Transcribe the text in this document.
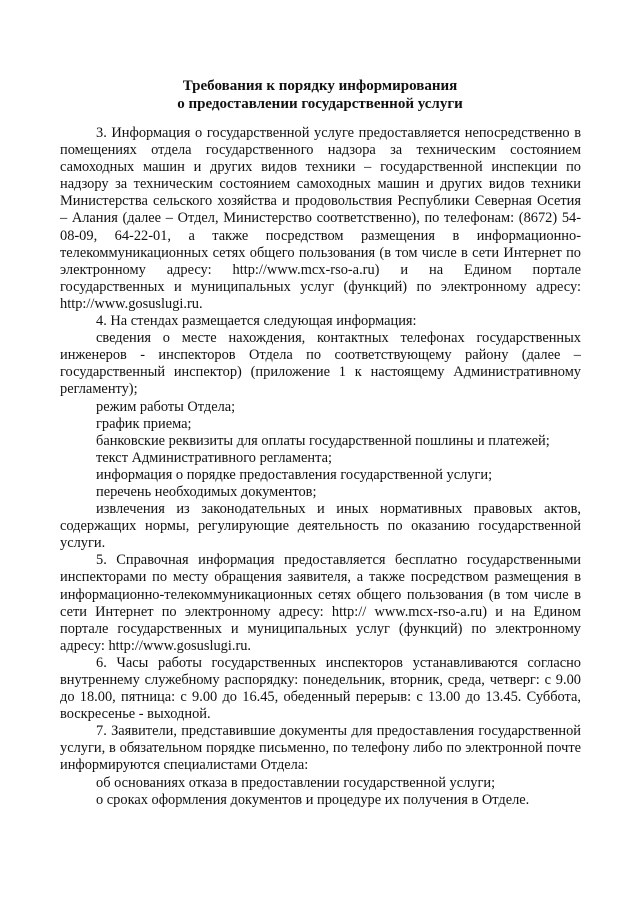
Требования к порядку информирования
о предоставлении государственной услуги

3. Информация о государственной услуге предоставляется непосредственно в помещениях отдела государственного надзора за техническим состоянием самоходных машин и других видов техники – государственной инспекции по надзору за техническим состоянием самоходных машин и других видов техники Министерства сельского хозяйства и продовольствия Республики Северная Осетия – Алания (далее – Отдел, Министерство соответственно), по телефонам: (8672) 54-08-09, 64-22-01, а также посредством размещения в информационно-телекоммуникационных сетях общего пользования (в том числе в сети Интернет по электронному адресу: http://www.mcx-rso-a.ru) и на Едином портале государственных и муниципальных услуг (функций) по электронному адресу: http://www.gosuslugi.ru.

4. На стендах размещается следующая информация:

сведения о месте нахождения, контактных телефонах государственных инженеров - инспекторов Отдела по соответствующему району (далее – государственный инспектор) (приложение 1 к настоящему Административному регламенту);

режим работы Отдела;

график приема;

банковские реквизиты для оплаты государственной пошлины и платежей;

текст Административного регламента;

информация о порядке предоставления государственной услуги;

перечень необходимых документов;

извлечения из законодательных и иных нормативных правовых актов, содержащих нормы, регулирующие деятельность по оказанию государственной услуги.

5. Справочная информация предоставляется бесплатно государственными инспекторами по месту обращения заявителя, а также посредством размещения в информационно-телекоммуникационных сетях общего пользования (в том числе в сети Интернет по электронному адресу: http:// www.mcx-rso-a.ru) и на Едином портале государственных и муниципальных услуг (функций) по электронному адресу: http://www.gosuslugi.ru.

6. Часы работы государственных инспекторов устанавливаются согласно внутреннему служебному распорядку: понедельник, вторник, среда, четверг: с 9.00 до 18.00, пятница: с 9.00 до 16.45, обеденный перерыв: с 13.00 до 13.45. Суббота, воскресенье - выходной.

7. Заявители, представившие документы для предоставления государственной услуги, в обязательном порядке письменно, по телефону либо по электронной почте информируются специалистами Отдела:

об основаниях отказа в предоставлении государственной услуги;

о сроках оформления документов и процедуре их получения в Отделе.
